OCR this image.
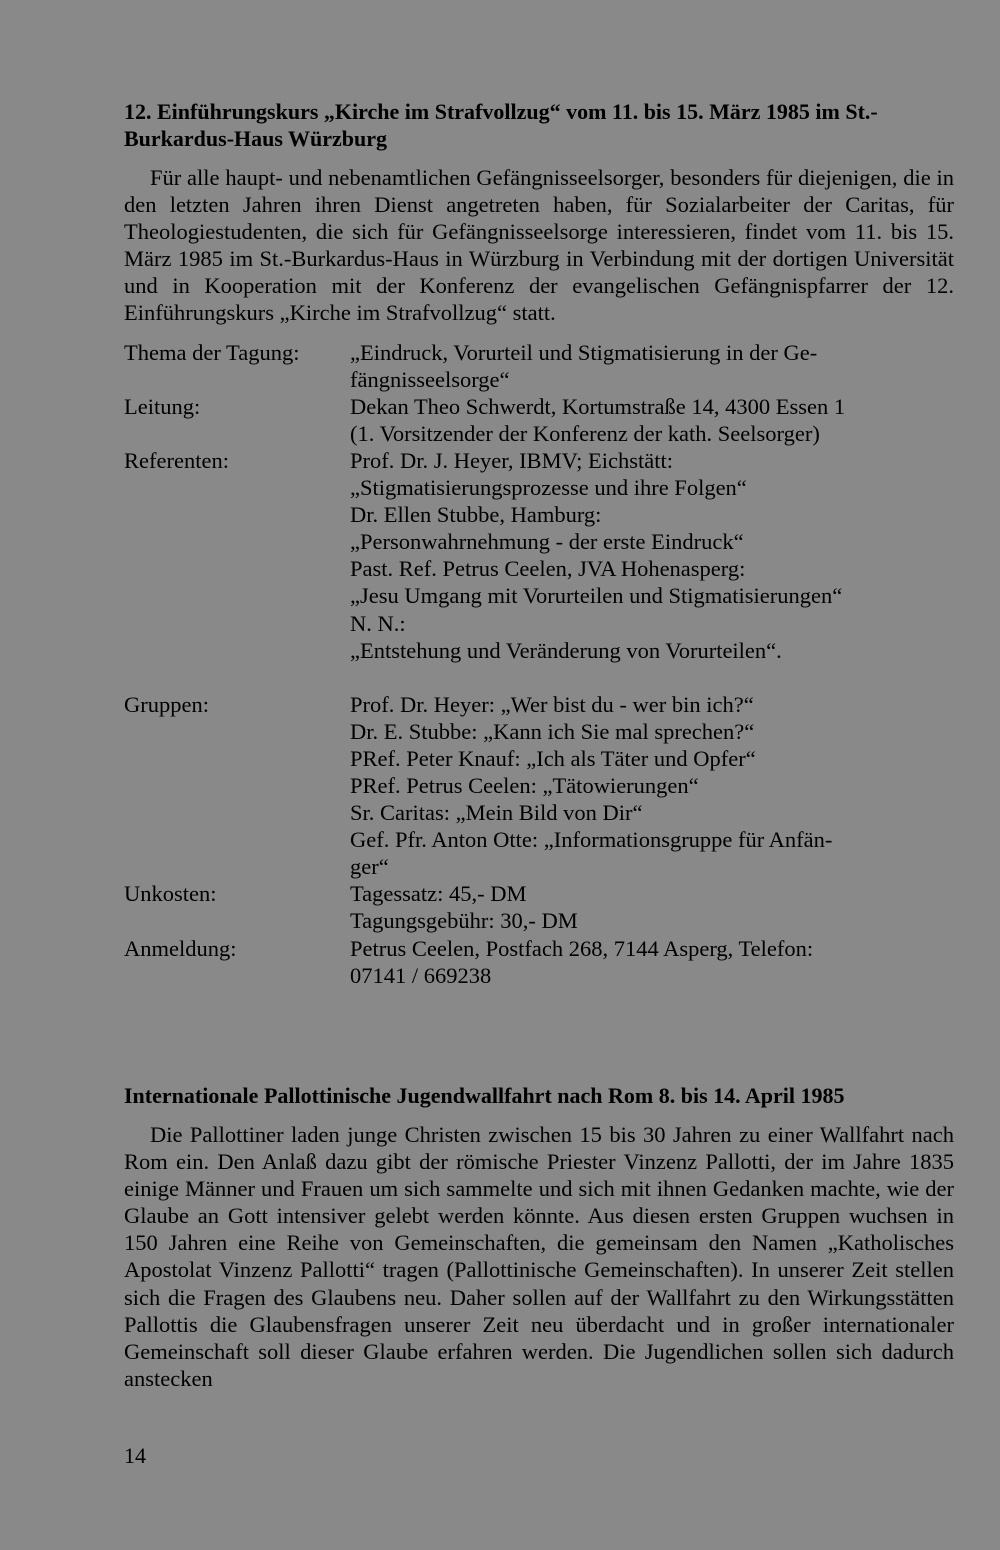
12. Einführungskurs „Kirche im Strafvollzug“ vom 11. bis 15. März 1985 im St.-Burkardus-Haus Würzburg

Für alle haupt- und nebenamtlichen Gefängnisseelsorger, besonders für diejenigen, die in den letzten Jahren ihren Dienst angetreten haben, für Sozialarbeiter der Caritas, für Theologiestudenten, die sich für Gefängnisseelsorge interessieren, findet vom 11. bis 15. März 1985 im St.-Burkardus-Haus in Würzburg in Verbindung mit der dortigen Universität und in Kooperation mit der Konferenz der evangelischen Gefängnispfarrer der 12. Einführungskurs „Kirche im Strafvollzug“ statt.

Thema der Tagung:	„Eindruck, Vorurteil und Stigmatisierung in der Ge-
fängnisseelsorge“
Leitung:	Dekan Theo Schwerdt, Kortumstraße 14, 4300 Essen 1
(1. Vorsitzender der Konferenz der kath. Seelsorger)
Referenten:	Prof. Dr. J. Heyer, IBMV; Eichstätt:
„Stigmatisierungsprozesse und ihre Folgen“
Dr. Ellen Stubbe, Hamburg:
„Personwahrnehmung - der erste Eindruck“
Past. Ref. Petrus Ceelen, JVA Hohenasperg:
„Jesu Umgang mit Vorurteilen und Stigmatisierungen“
N. N.:
„Entstehung und Veränderung von Vorurteilen“.
Gruppen:	Prof. Dr. Heyer: „Wer bist du - wer bin ich?“
Dr. E. Stubbe: „Kann ich Sie mal sprechen?“
PRef. Peter Knauf: „Ich als Täter und Opfer“
PRef. Petrus Ceelen: „Tätowierungen“
Sr. Caritas: „Mein Bild von Dir“
Gef. Pfr. Anton Otte: „Informationsgruppe für Anfän-
ger“
Unkosten:	Tagessatz: 45,- DM
Tagungsgebühr: 30,- DM
Anmeldung:	Petrus Ceelen, Postfach 268, 7144 Asperg, Telefon:
07141 / 669238

Internationale Pallottinische Jugendwallfahrt nach Rom 8. bis 14. April 1985

Die Pallottiner laden junge Christen zwischen 15 bis 30 Jahren zu einer Wallfahrt nach Rom ein. Den Anlaß dazu gibt der römische Priester Vinzenz Pallotti, der im Jahre 1835 einige Männer und Frauen um sich sammelte und sich mit ihnen Gedanken machte, wie der Glaube an Gott intensiver gelebt werden könnte. Aus diesen ersten Gruppen wuchsen in 150 Jahren eine Reihe von Gemeinschaften, die gemeinsam den Namen „Katholisches Apostolat Vinzenz Pallotti“ tragen (Pallottinische Gemeinschaften). In unserer Zeit stellen sich die Fragen des Glaubens neu. Daher sollen auf der Wallfahrt zu den Wirkungsstätten Pallottis die Glaubensfragen unserer Zeit neu überdacht und in großer internationaler Gemeinschaft soll dieser Glaube erfahren werden. Die Jugendlichen sollen sich dadurch anstecken

14
